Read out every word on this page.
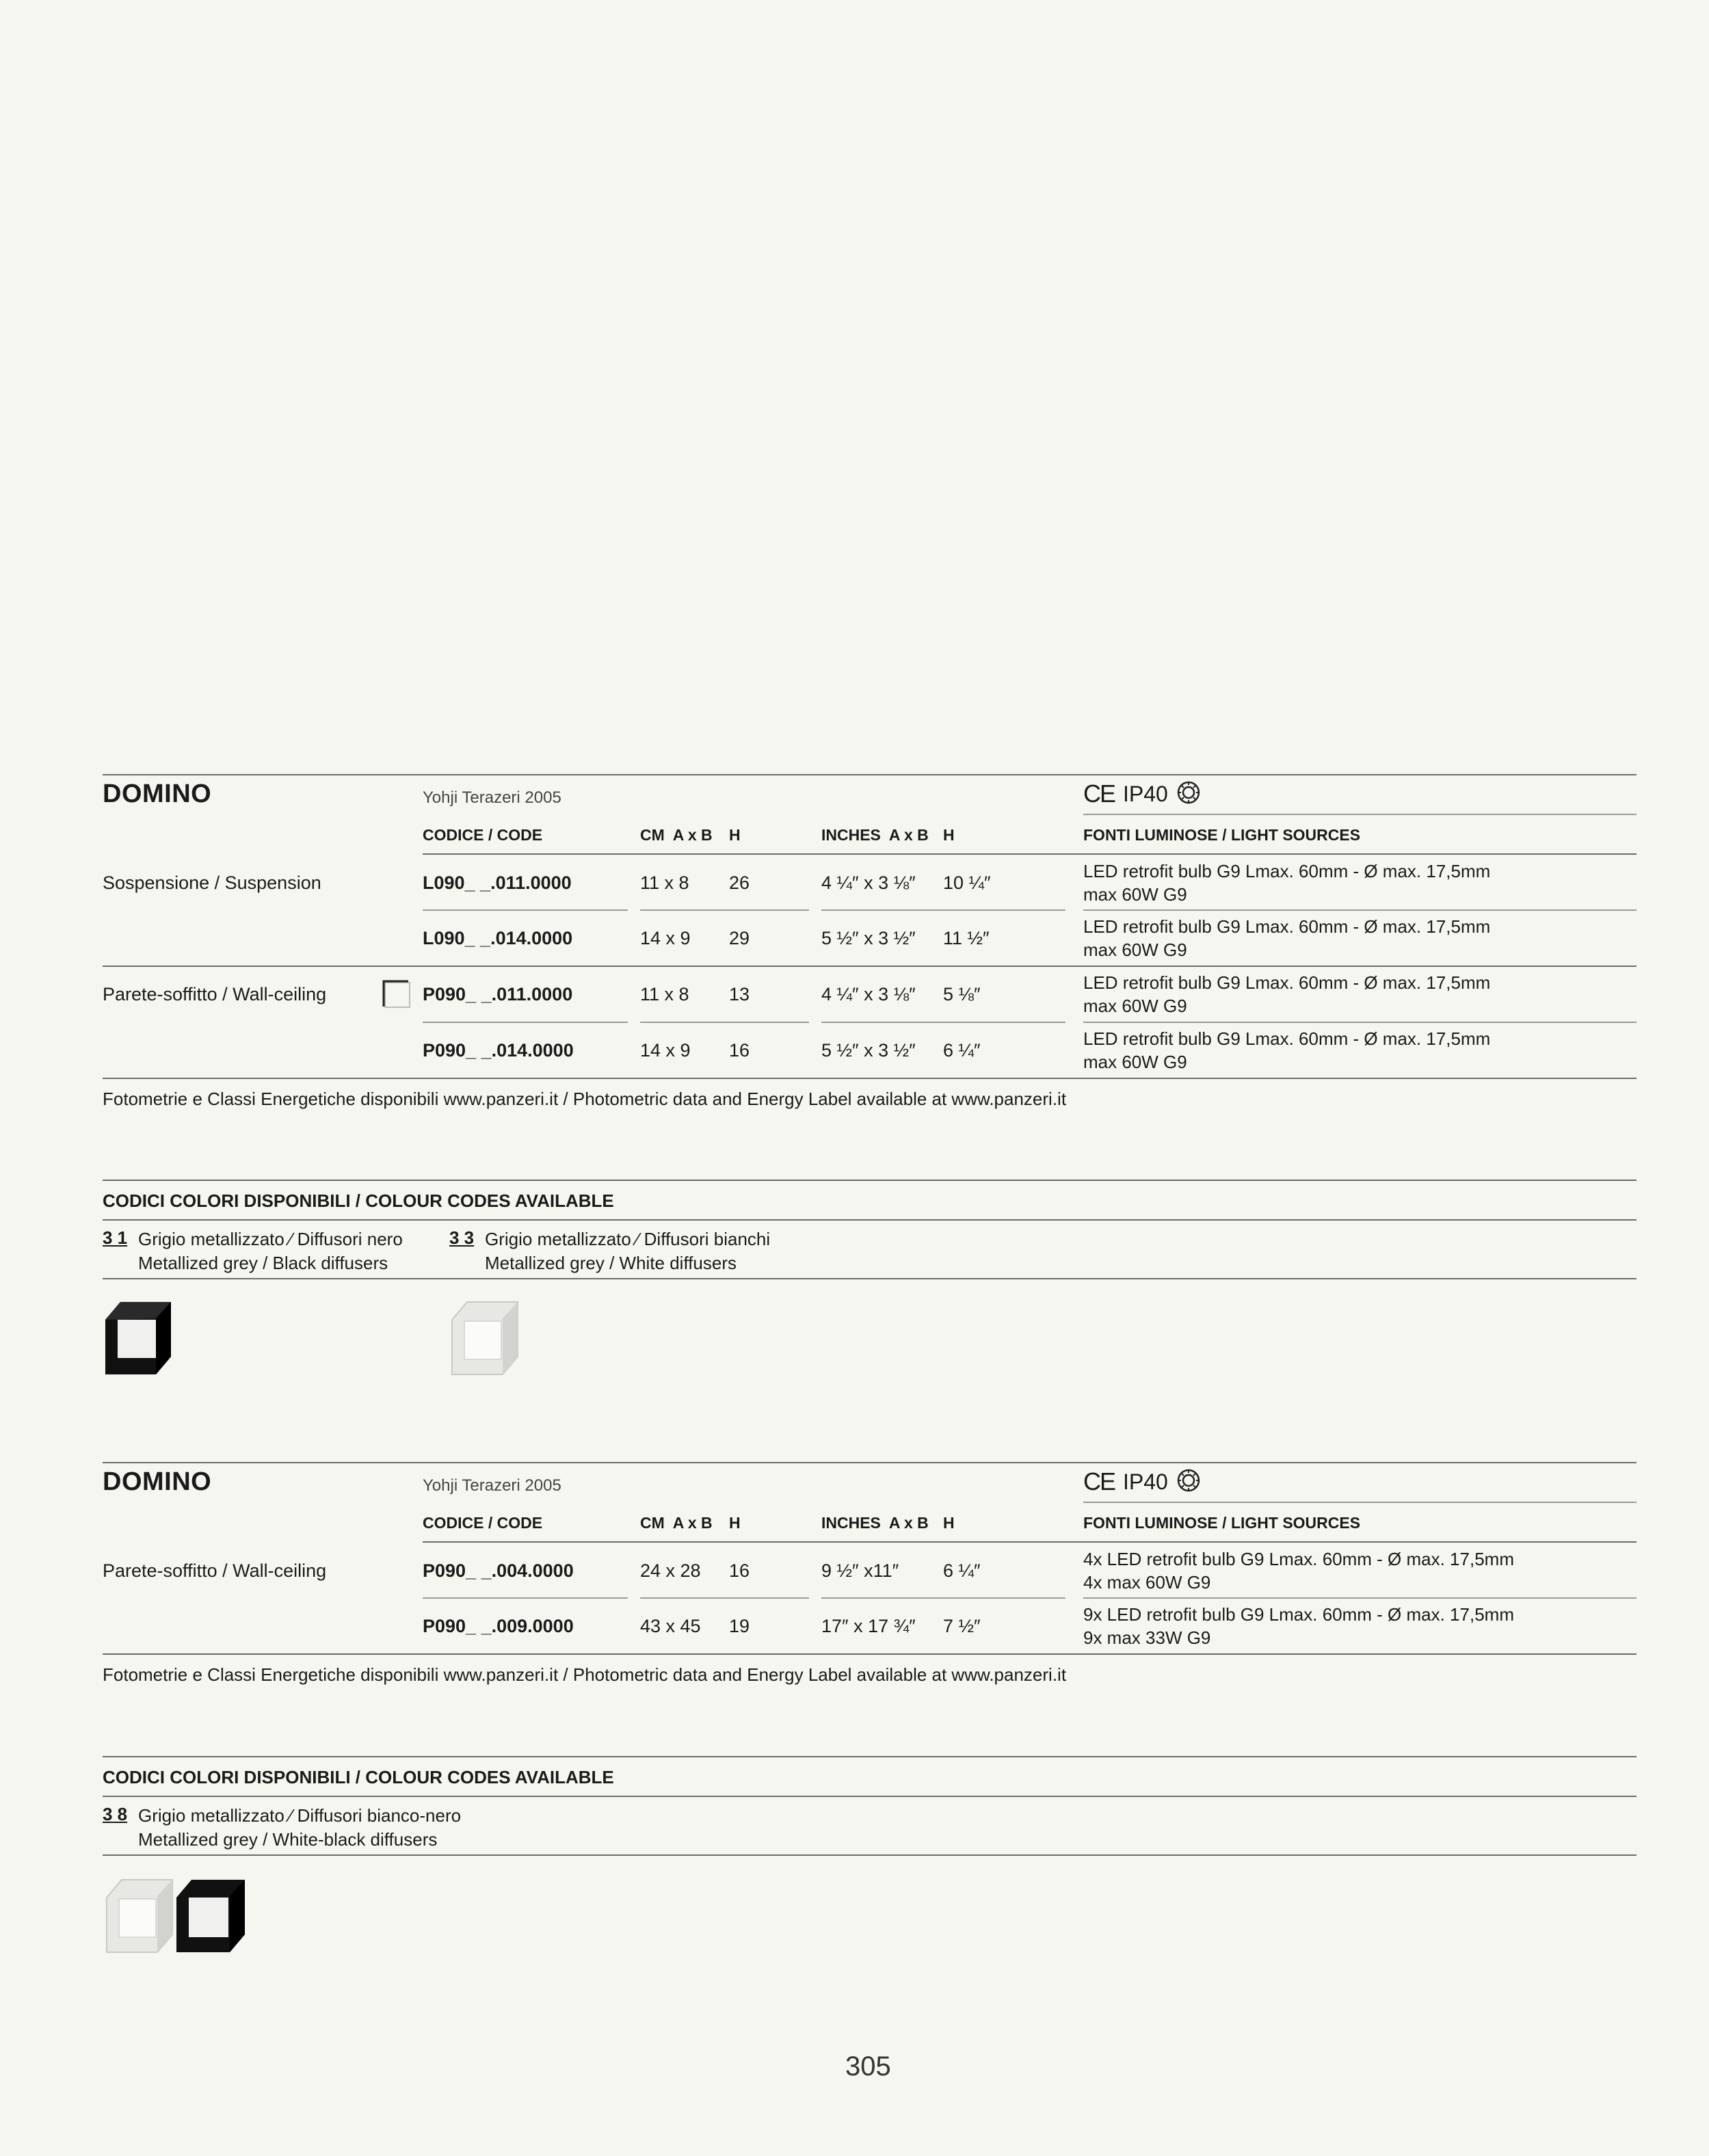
DOMINO	Yohji Terazeri 2005	CE IP40
CODICE / CODE	CM  A x B H	INCHES  A x B H	FONTI LUMINOSE / LIGHT SOURCES
Sospensione / Suspension	L090_ _.011.0000	11 x 8 26	4 ¼″ x 3 ⅛″ 10 ¼″
LED retrofit bulb G9 Lmax. 60mm - Ø max. 17,5mm
max 60W G9
L090_ _.014.0000	14 x 9 29	5 ½″ x 3 ½″ 11 ½″
LED retrofit bulb G9 Lmax. 60mm - Ø max. 17,5mm
max 60W G9
Parete-soffitto / Wall-ceiling	P090_ _.011.0000	11 x 8 13	4 ¼″ x 3 ⅛″ 5 ⅛″
LED retrofit bulb G9 Lmax. 60mm - Ø max. 17,5mm
max 60W G9
P090_ _.014.0000	14 x 9 16	5 ½″ x 3 ½″ 6 ¼″
LED retrofit bulb G9 Lmax. 60mm - Ø max. 17,5mm
max 60W G9
Fotometrie e Classi Energetiche disponibili www.panzeri.it / Photometric data and Energy Label available at www.panzeri.it
CODICI COLORI DISPONIBILI / COLOUR CODES AVAILABLE
3 1 Grigio metallizzato ⁄ Diffusori nero
Metallized grey / Black diffusers
3 3 Grigio metallizzato ⁄ Diffusori bianchi
Metallized grey / White diffusers
DOMINO	Yohji Terazeri 2005	CE IP40
CODICE / CODE	CM  A x B H	INCHES  A x B H	FONTI LUMINOSE / LIGHT SOURCES
Parete-soffitto / Wall-ceiling	P090_ _.004.0000	24 x 28 16	9 ½″ x11″ 6 ¼″
4x LED retrofit bulb G9 Lmax. 60mm - Ø max. 17,5mm
4x max 60W G9
P090_ _.009.0000	43 x 45 19	17″ x 17 ¾″ 7 ½″
9x LED retrofit bulb G9 Lmax. 60mm - Ø max. 17,5mm
9x max 33W G9
Fotometrie e Classi Energetiche disponibili www.panzeri.it / Photometric data and Energy Label available at www.panzeri.it
CODICI COLORI DISPONIBILI / COLOUR CODES AVAILABLE
3 8 Grigio metallizzato ⁄ Diffusori bianco-nero
Metallized grey / White-black diffusers
305
